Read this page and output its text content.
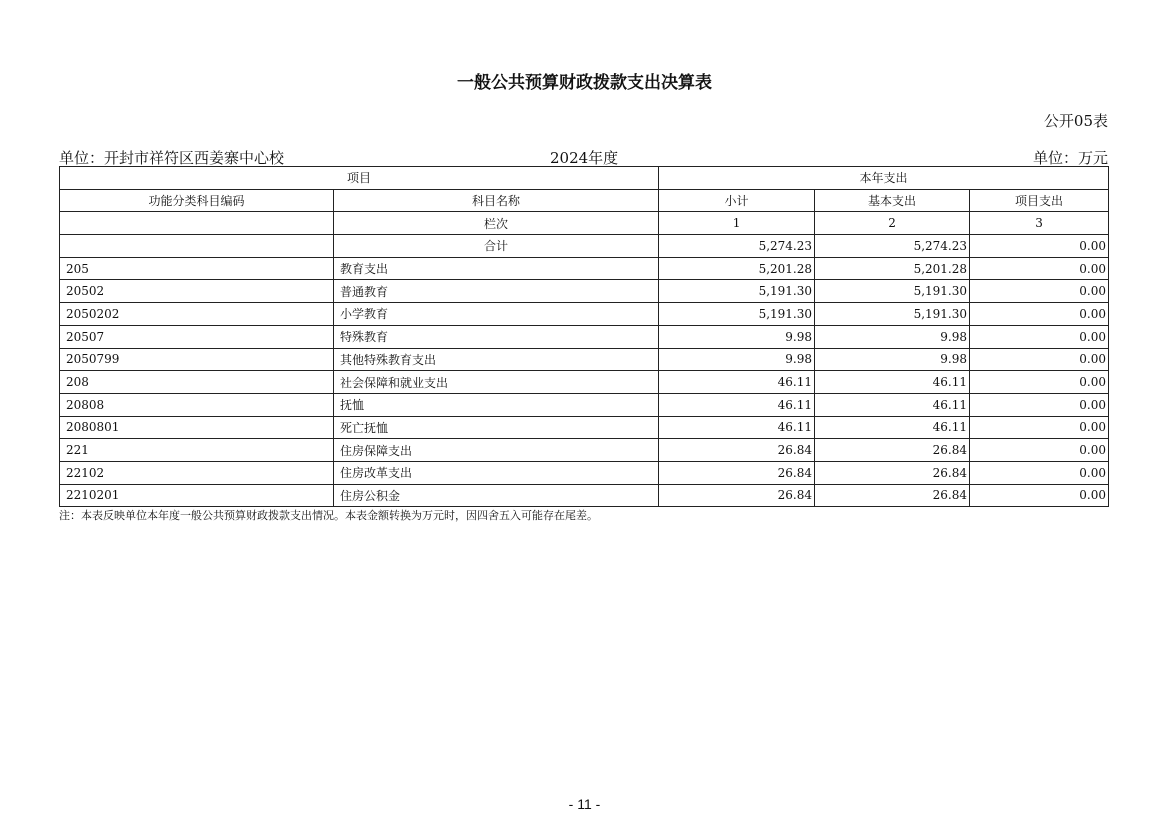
一般公共预算财政拨款支出决算表
公开05表
单位：开封市祥符区西姜寨中心校	2024年度	单位：万元
项目		本年支出		
功能分类科目编码	科目名称	小计	基本支出	项目支出
	栏次	1	2	3
	合计	5,274.23	5,274.23	0.00
205	教育支出	5,201.28	5,201.28	0.00
20502	普通教育	5,191.30	5,191.30	0.00
2050202	小学教育	5,191.30	5,191.30	0.00
20507	特殊教育	9.98	9.98	0.00
2050799	其他特殊教育支出	9.98	9.98	0.00
208	社会保障和就业支出	46.11	46.11	0.00
20808	抚恤	46.11	46.11	0.00
2080801	死亡抚恤	46.11	46.11	0.00
221	住房保障支出	26.84	26.84	0.00
22102	住房改革支出	26.84	26.84	0.00
2210201	住房公积金	26.84	26.84	0.00
注：本表反映单位本年度一般公共预算财政拨款支出情况。本表金额转换为万元时，因四舍五入可能存在尾差。
- 11 -
